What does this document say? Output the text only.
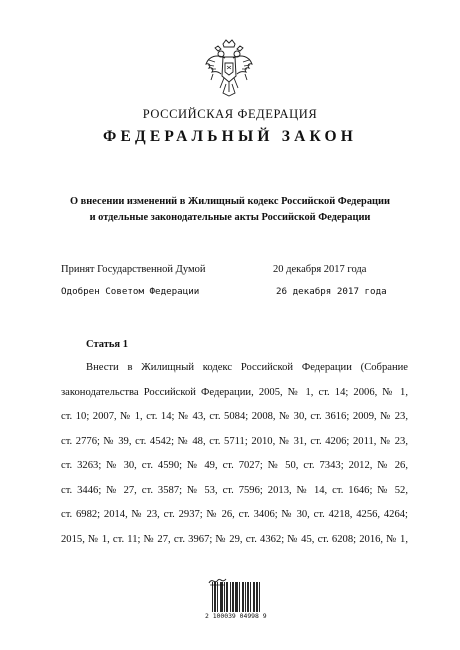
РОССИЙСКАЯ ФЕДЕРАЦИЯ
ФЕДЕРАЛЬНЫЙ ЗАКОН
О внесении изменений в Жилищный кодекс Российской Федерации
и отдельные законодательные акты Российской Федерации
Принят Государственной Думой	20 декабря 2017 года
Одобрен Советом Федерации	26 декабря 2017 года
Статья 1
Внести в Жилищный кодекс Российской Федерации (Собрание
законодательства Российской Федерации, 2005, № 1, ст. 14; 2006, № 1,
ст. 10; 2007, № 1, ст. 14; № 43, ст. 5084; 2008, № 30, ст. 3616; 2009, № 23,
ст. 2776; № 39, ст. 4542; № 48, ст. 5711; 2010, № 31, ст. 4206; 2011, № 23,
ст. 3263; № 30, ст. 4590; № 49, ст. 7027; № 50, ст. 7343; 2012, № 26,
ст. 3446; № 27, ст. 3587; № 53, ст. 7596; 2013, № 14, ст. 1646; № 52,
ст. 6982; 2014, № 23, ст. 2937; № 26, ст. 3406; № 30, ст. 4218, 4256, 4264;
2015, № 1, ст. 11; № 27, ст. 3967; № 29, ст. 4362; № 45, ст. 6208; 2016, № 1,
2 100039 04998 9
